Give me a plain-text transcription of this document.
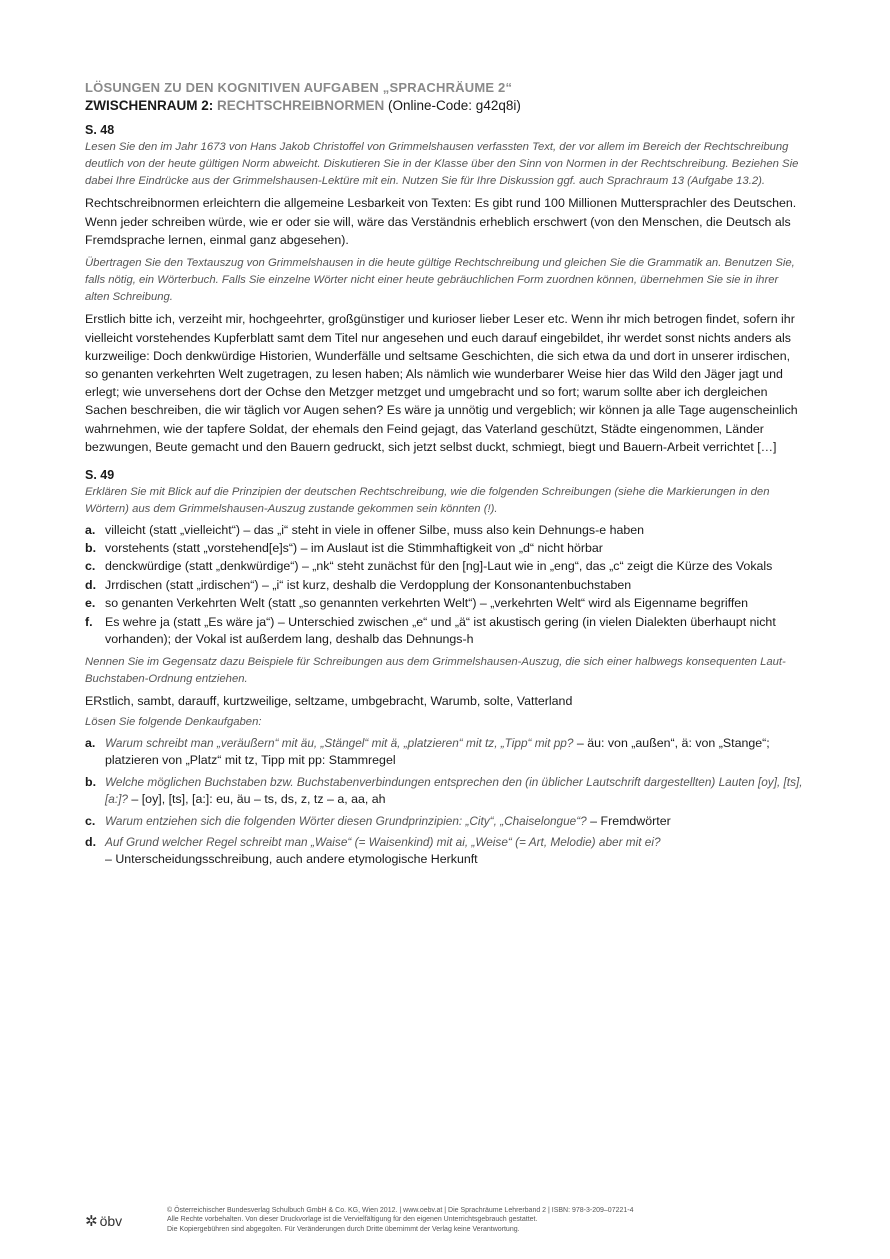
LÖSUNGEN ZU DEN KOGNITIVEN AUFGABEN „SPRACHRÄUME 2“

ZWISCHENRAUM 2: RECHTSCHREIBNORMEN (Online-Code: g42q8i)

S. 48

Lesen Sie den im Jahr 1673 von Hans Jakob Christoffel von Grimmelshausen verfassten Text, der vor allem im Bereich der Rechtschreibung deutlich von der heute gültigen Norm abweicht. Diskutieren Sie in der Klasse über den Sinn von Normen in der Rechtschreibung. Beziehen Sie dabei Ihre Eindrücke aus der Grimmelshausen-Lektüre mit ein. Nutzen Sie für Ihre Diskussion ggf. auch Sprachraum 13 (Aufgabe 13.2).

Rechtschreibnormen erleichtern die allgemeine Lesbarkeit von Texten: Es gibt rund 100 Millionen Muttersprachler des Deutschen. Wenn jeder schreiben würde, wie er oder sie will, wäre das Verständnis erheblich erschwert (von den Menschen, die Deutsch als Fremdsprache lernen, einmal ganz abgesehen).

Übertragen Sie den Textauszug von Grimmelshausen in die heute gültige Rechtschreibung und gleichen Sie die Grammatik an. Benutzen Sie, falls nötig, ein Wörterbuch. Falls Sie einzelne Wörter nicht einer heute gebräuchlichen Form zuordnen können, übernehmen Sie sie in ihrer alten Schreibung.

Erstlich bitte ich, verzeiht mir, hochgeehrter, großgünstiger und kurioser lieber Leser etc. Wenn ihr mich betrogen findet, sofern ihr vielleicht vorstehendes Kupferblatt samt dem Titel nur angesehen und euch darauf eingebildet, ihr werdet sonst nichts anders als kurzweilige: Doch denkwürdige Historien, Wunderfälle und seltsame Geschichten, die sich etwa da und dort in unserer irdischen, so genanten verkehrten Welt zugetragen, zu lesen haben; Als nämlich wie wunderbarer Weise hier das Wild den Jäger jagt und erlegt; wie unversehens dort der Ochse den Metzger metzget und umgebracht und so fort; warum sollte aber ich dergleichen Sachen beschreiben, die wir täglich vor Augen sehen? Es wäre ja unnötig und vergeblich; wir können ja alle Tage augenscheinlich wahrnehmen, wie der tapfere Soldat, der ehemals den Feind gejagt, das Vaterland geschützt, Städte eingenommen, Länder bezwungen, Beute gemacht und den Bauern gedruckt, sich jetzt selbst duckt, schmiegt, biegt und Bauern-Arbeit verrichtet […]

S. 49

Erklären Sie mit Blick auf die Prinzipien der deutschen Rechtschreibung, wie die folgenden Schreibungen (siehe die Markierungen in den Wörtern) aus dem Grimmelshausen-Auszug zustande gekommen sein könnten (!).

a. villeicht (statt „vielleicht“) – das „i“ steht in viele in offener Silbe, muss also kein Dehnungs-e haben
b. vorstehents (statt „vorstehend[e]s“) – im Auslaut ist die Stimmhaftigkeit von „d“ nicht hörbar
c. denckwürdige (statt „denkwürdige“) – „nk“ steht zunächst für den [ng]-Laut wie in „eng“, das „c“ zeigt die Kürze des Vokals
d. Jrrdischen (statt „irdischen“) – „i“ ist kurz, deshalb die Verdopplung der Konsonantenbuchstaben
e. so genanten Verkehrten Welt (statt „so genannten verkehrten Welt“) – „verkehrten Welt“ wird als Eigenname begriffen
f. Es wehre ja (statt „Es wäre ja“) – Unterschied zwischen „e“ und „ä“ ist akustisch gering (in vielen Dialekten überhaupt nicht vorhanden); der Vokal ist außerdem lang, deshalb das Dehnungs-h

Nennen Sie im Gegensatz dazu Beispiele für Schreibungen aus dem Grimmelshausen-Auszug, die sich einer halbwegs konsequenten Laut-Buchstaben-Ordnung entziehen.

ERstlich, sambt, darauff, kurtzweilige, seltzame, umbgebracht, Warumb, solte, Vatterland

Lösen Sie folgende Denkaufgaben:

a. Warum schreibt man „veräußern“ mit äu, „Stängel“ mit ä, „platzieren“ mit tz, „Tipp“ mit pp? – äu: von „außen“, ä: von „Stange“; platzieren von „Platz“ mit tz, Tipp mit pp: Stammregel
b. Welche möglichen Buchstaben bzw. Buchstabenverbindungen entsprechen den (in üblicher Lautschrift dargestellten) Lauten [oy], [ts], [a:]? – [oy], [ts], [a:]: eu, äu – ts, ds, z, tz – a, aa, ah
c. Warum entziehen sich die folgenden Wörter diesen Grundprinzipien: „City“, „Chaiselongue“? – Fremdwörter
d. Auf Grund welcher Regel schreibt man „Waise“ (= Waisenkind) mit ai, „Weise“ (= Art, Melodie) aber mit ei?
– Unterscheidungsschreibung, auch andere etymologische Herkunft
✲ öbv
© Österreichischer Bundesverlag Schulbuch GmbH & Co. KG, Wien 2012. | www.oebv.at | Die Sprachräume Lehrerband 2 | ISBN: 978-3-209–07221-4
Alle Rechte vorbehalten. Von dieser Druckvorlage ist die Vervielfältigung für den eigenen Unterrichtsgebrauch gestattet.
Die Kopiergebühren sind abgegolten. Für Veränderungen durch Dritte übernimmt der Verlag keine Verantwortung.
